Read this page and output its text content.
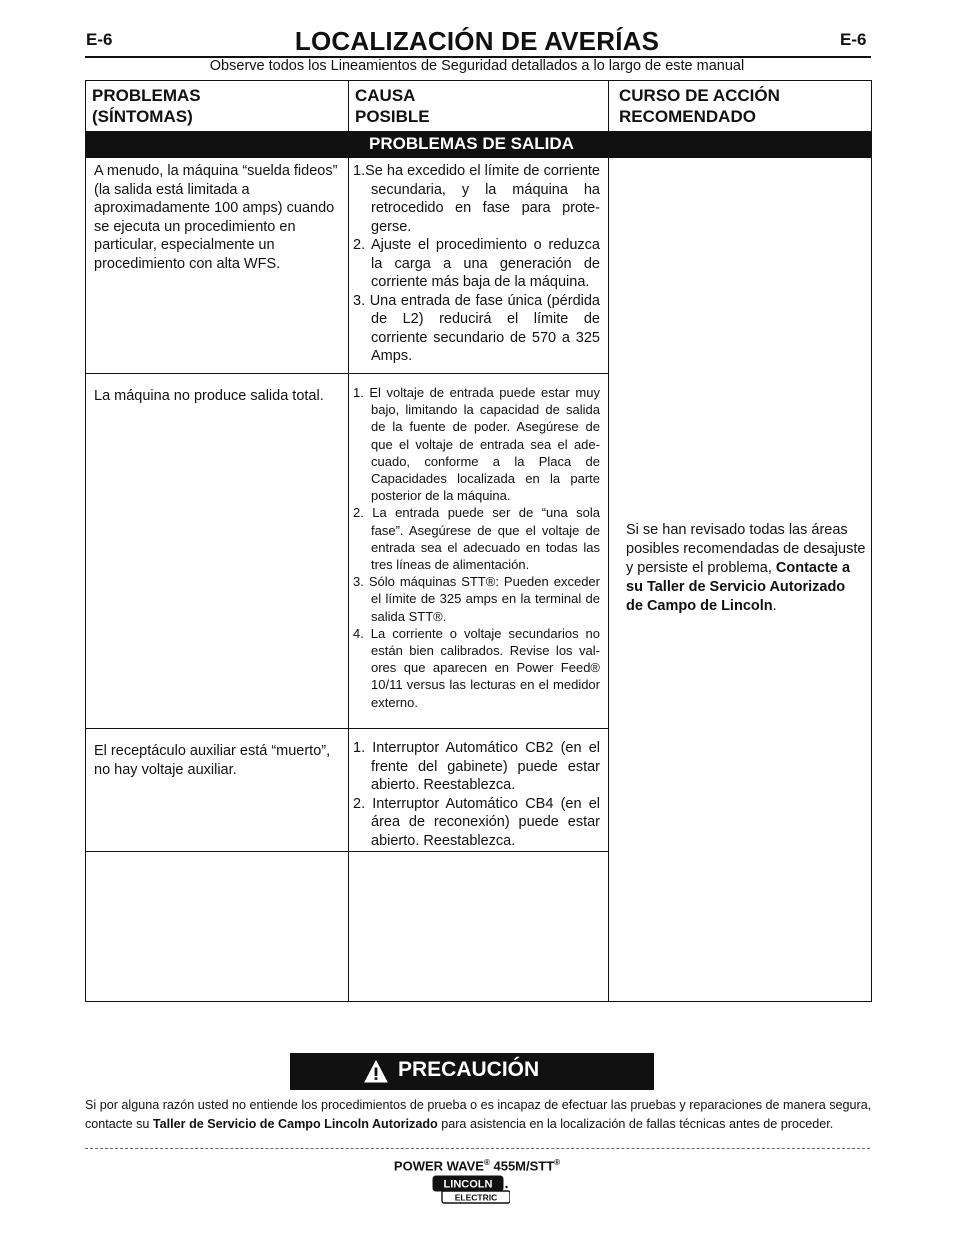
E-6	E-6
LOCALIZACIÓN DE AVERÍAS
Observe todos los Lineamientos de Seguridad detallados a lo largo de este manual
PROBLEMAS
(SÍNTOMAS)
CAUSA
POSIBLE
CURSO DE ACCIÓN
RECOMENDADO
PROBLEMAS DE SALIDA
A menudo, la máquina “suelda fideos” (la salida está limitada a aproximadamente 100 amps) cuando se ejecuta un procedimiento en particular, especialmente un procedimiento con alta WFS.
1.Se ha excedido el límite de corriente secundaria, y la máquina ha retrocedido en fase para protegerse.
2. Ajuste el procedimiento o reduzca la carga a una generación de corriente más baja de la máquina.
3. Una entrada de fase única (pérdida de L2) reducirá el límite de corriente secundario de 570 a 325 Amps.
La máquina no produce salida total.	1. El voltaje de entrada puede estar muy bajo, limitando la capacidad de salida de la fuente de poder. Asegúrese de que el voltaje de entrada sea el adecuado, conforme a la Placa de Capacidades localizada en la parte posterior de la máquina.
2. La entrada puede ser de “una sola fase”. Asegúrese de que el voltaje de entrada sea el adecuado en todas las tres líneas de alimentación.
3. Sólo máquinas STT®: Pueden exceder el límite de 325 amps en la terminal de salida STT®.
4. La corriente o voltaje secundarios no están bien calibrados. Revise los valores que aparecen en Power Feed® 10/11 versus las lecturas en el medidor externo.
El receptáculo auxiliar está “muerto”, no hay voltaje auxiliar.
1. Interruptor Automático CB2 (en el frente del gabinete) puede estar abierto. Reestablezca.
2. Interruptor Automático CB4 (en el área de reconexión) puede estar abierto. Reestablezca.
Si se han revisado todas las áreas posibles recomendadas de desajuste y persiste el problema, Contacte a su Taller de Servicio Autorizado de Campo de Lincoln.
PRECAUCIÓN
Si por alguna razón usted no entiende los procedimientos de prueba o es incapaz de efectuar las pruebas y reparaciones de manera segura, contacte su Taller de Servicio de Campo Lincoln Autorizado para asistencia en la localización de fallas técnicas antes de proceder.
POWER WAVE® 455M/STT®
LINCOLN
ELECTRIC
